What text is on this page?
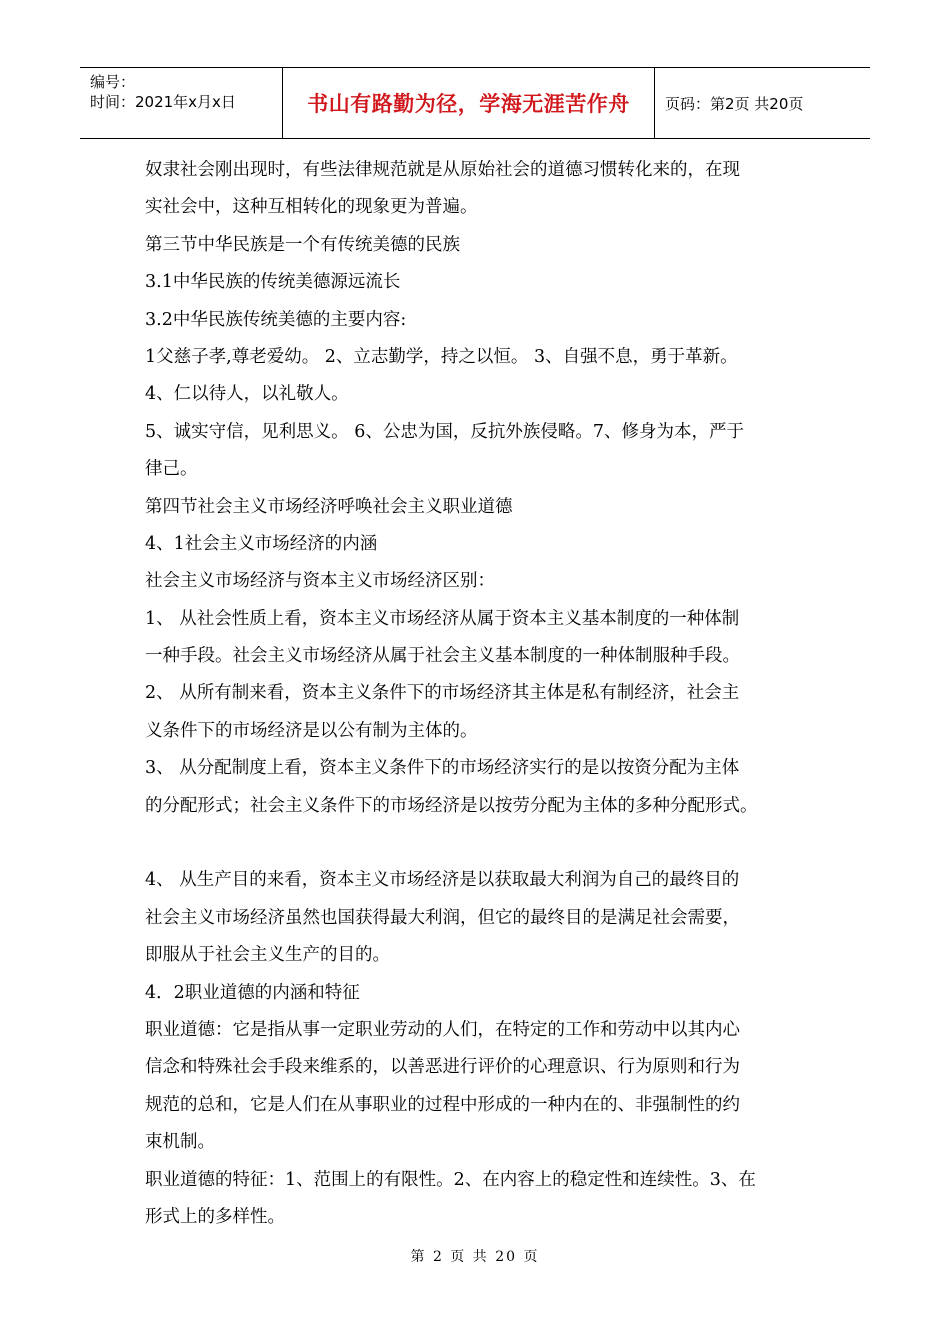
编号：
时间：2021年x月x日	书山有路勤为径，学海无涯苦作舟 页码：第2页 共20页
奴隶社会刚出现时，有些法律规范就是从原始社会的道德习惯转化来的，在现
实社会中，这种互相转化的现象更为普遍。
第三节中华民族是一个有传统美德的民族
3.1中华民族的传统美德源远流长
3.2中华民族传统美德的主要内容:
1父慈子孝,尊老爱幼。 2、立志勤学，持之以恒。 3、自强不息，勇于革新。
4、仁以待人，以礼敬人。
5、诚实守信，见利思义。 6、公忠为国，反抗外族侵略。7、修身为本，严于
律己。
第四节社会主义市场经济呼唤社会主义职业道德
4、1社会主义市场经济的内涵
社会主义市场经济与资本主义市场经济区别：
1、 从社会性质上看，资本主义市场经济从属于资本主义基本制度的一种体制
一种手段。社会主义市场经济从属于社会主义基本制度的一种体制服种手段。
2、 从所有制来看，资本主义条件下的市场经济其主体是私有制经济，社会主
义条件下的市场经济是以公有制为主体的。
3、 从分配制度上看，资本主义条件下的市场经济实行的是以按资分配为主体
的分配形式；社会主义条件下的市场经济是以按劳分配为主体的多种分配形式。
4、 从生产目的来看，资本主义市场经济是以获取最大利润为自己的最终目的
社会主义市场经济虽然也国获得最大利润，但它的最终目的是满足社会需要，
即服从于社会主义生产的目的。
4．2职业道德的内涵和特征
职业道德：它是指从事一定职业劳动的人们，在特定的工作和劳动中以其内心
信念和特殊社会手段来维系的，以善恶进行评价的心理意识、行为原则和行为
规范的总和，它是人们在从事职业的过程中形成的一种内在的、非强制性的约
束机制。
职业道德的特征：1、范围上的有限性。2、在内容上的稳定性和连续性。3、在
形式上的多样性。
第 2 页 共 20 页
